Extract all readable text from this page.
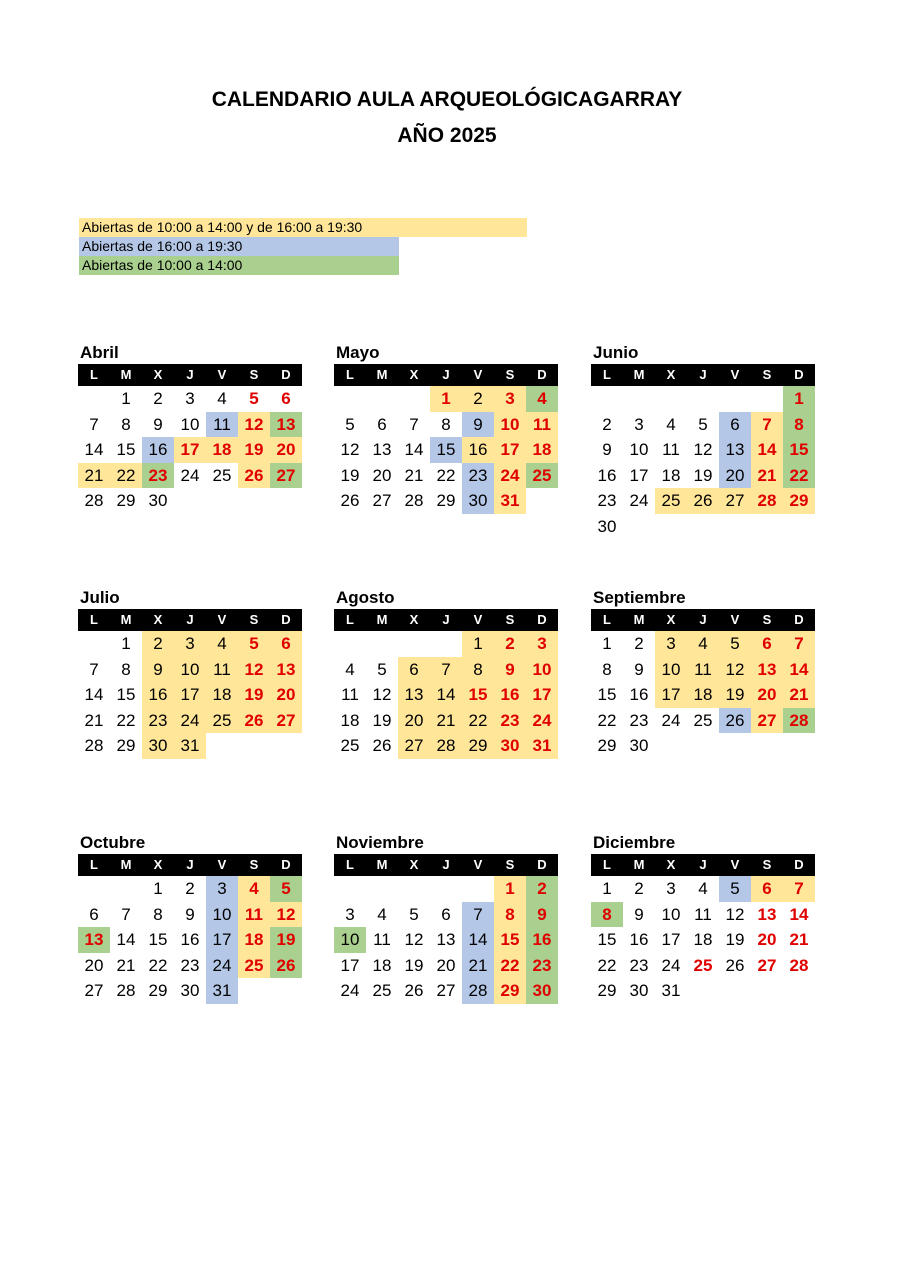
CALENDARIO AULA ARQUEOLÓGICAGARRAY
AÑO 2025
Abiertas de 10:00 a 14:00 y de 16:00 a 19:30
Abiertas de 16:00 a 19:30
Abiertas de 10:00 a 14:00
Abril
L	M	X	J	V	S	D
	1	2	3	4	5	6
7	8	9	10	11	12	13
14	15	16	17	18	19	20
21	22	23	24	25	26	27
28	29	30				
Mayo
L	M	X	J	V	S	D
			1	2	3	4
5	6	7	8	9	10	11
12	13	14	15	16	17	18
19	20	21	22	23	24	25
26	27	28	29	30	31	
Junio
L	M	X	J	V	S	D
						1
2	3	4	5	6	7	8
9	10	11	12	13	14	15
16	17	18	19	20	21	22
23	24	25	26	27	28	29
30						
Julio
L	M	X	J	V	S	D
	1	2	3	4	5	6
7	8	9	10	11	12	13
14	15	16	17	18	19	20
21	22	23	24	25	26	27
28	29	30	31			
Agosto
L	M	X	J	V	S	D
				1	2	3
4	5	6	7	8	9	10
11	12	13	14	15	16	17
18	19	20	21	22	23	24
25	26	27	28	29	30	31
Septiembre
L	M	X	J	V	S	D
1	2	3	4	5	6	7
8	9	10	11	12	13	14
15	16	17	18	19	20	21
22	23	24	25	26	27	28
29	30					
Octubre
L	M	X	J	V	S	D
		1	2	3	4	5
6	7	8	9	10	11	12
13	14	15	16	17	18	19
20	21	22	23	24	25	26
27	28	29	30	31		
Noviembre
L	M	X	J	V	S	D
					1	2
3	4	5	6	7	8	9
10	11	12	13	14	15	16
17	18	19	20	21	22	23
24	25	26	27	28	29	30
Diciembre
L	M	X	J	V	S	D
1	2	3	4	5	6	7
8	9	10	11	12	13	14
15	16	17	18	19	20	21
22	23	24	25	26	27	28
29	30	31				
